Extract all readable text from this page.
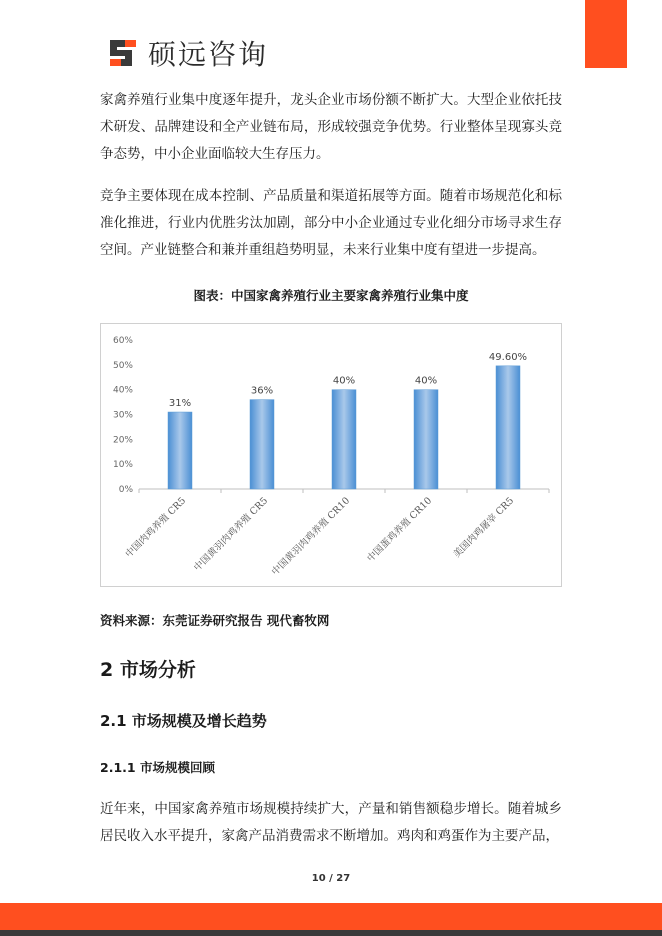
硕远咨询

家禽养殖行业集中度逐年提升，龙头企业市场份额不断扩大。大型企业依托技术研发、品牌建设和全产业链布局，形成较强竞争优势。行业整体呈现寡头竞争态势，中小企业面临较大生存压力。

竞争主要体现在成本控制、产品质量和渠道拓展等方面。随着市场规范化和标准化推进，行业内优胜劣汰加剧，部分中小企业通过专业化细分市场寻求生存空间。产业链整合和兼并重组趋势明显，未来行业集中度有望进一步提高。

图表：中国家禽养殖行业主要家禽养殖行业集中度
0%
10%
20%
30%
40%
50%
60%
31%
中国肉鸡养殖 CR5
36%
中国黄羽肉鸡养殖 CR5
40%
中国黄羽肉鸡养殖 CR10
40%
中国蛋鸡养殖 CR10
49.60%
美国肉鸡屠宰 CR5
资料来源：东莞证券研究报告 现代畜牧网
2 市场分析
2.1 市场规模及增长趋势
2.1.1 市场规模回顾

近年来，中国家禽养殖市场规模持续扩大，产量和销售额稳步增长。随着城乡居民收入水平提升，家禽产品消费需求不断增加。鸡肉和鸡蛋作为主要产品，

10 / 27
